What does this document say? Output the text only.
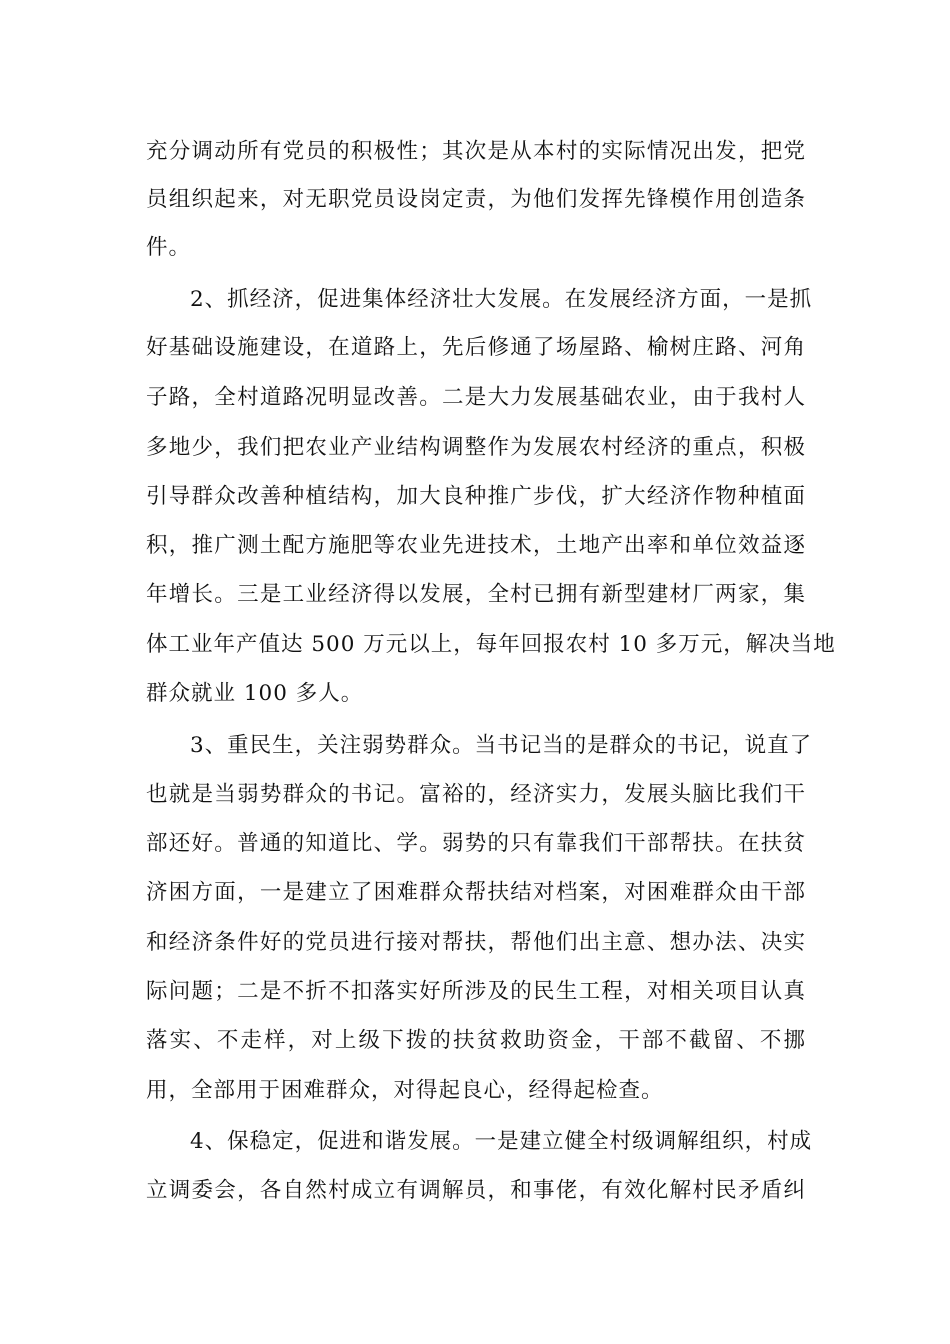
充分调动所有党员的积极性；其次是从本村的实际情况出发，把党
员组织起来，对无职党员设岗定责，为他们发挥先锋模作用创造条
件。
2、抓经济，促进集体经济壮大发展。在发展经济方面，一是抓
好基础设施建设，在道路上，先后修通了场屋路、榆树庄路、河角
子路，全村道路况明显改善。二是大力发展基础农业，由于我村人
多地少，我们把农业产业结构调整作为发展农村经济的重点，积极
引导群众改善种植结构，加大良种推广步伐，扩大经济作物种植面
积，推广测土配方施肥等农业先进技术，土地产出率和单位效益逐
年增长。三是工业经济得以发展，全村已拥有新型建材厂两家，集
体工业年产值达 500 万元以上，每年回报农村 10 多万元，解决当地
群众就业 100 多人。
3、重民生，关注弱势群众。当书记当的是群众的书记，说直了
也就是当弱势群众的书记。富裕的，经济实力，发展头脑比我们干
部还好。普通的知道比、学。弱势的只有靠我们干部帮扶。在扶贫
济困方面，一是建立了困难群众帮扶结对档案，对困难群众由干部
和经济条件好的党员进行接对帮扶，帮他们出主意、想办法、决实
际问题；二是不折不扣落实好所涉及的民生工程，对相关项目认真
落实、不走样，对上级下拨的扶贫救助资金，干部不截留、不挪
用，全部用于困难群众，对得起良心，经得起检查。
4、保稳定，促进和谐发展。一是建立健全村级调解组织，村成
立调委会，各自然村成立有调解员，和事佬，有效化解村民矛盾纠
